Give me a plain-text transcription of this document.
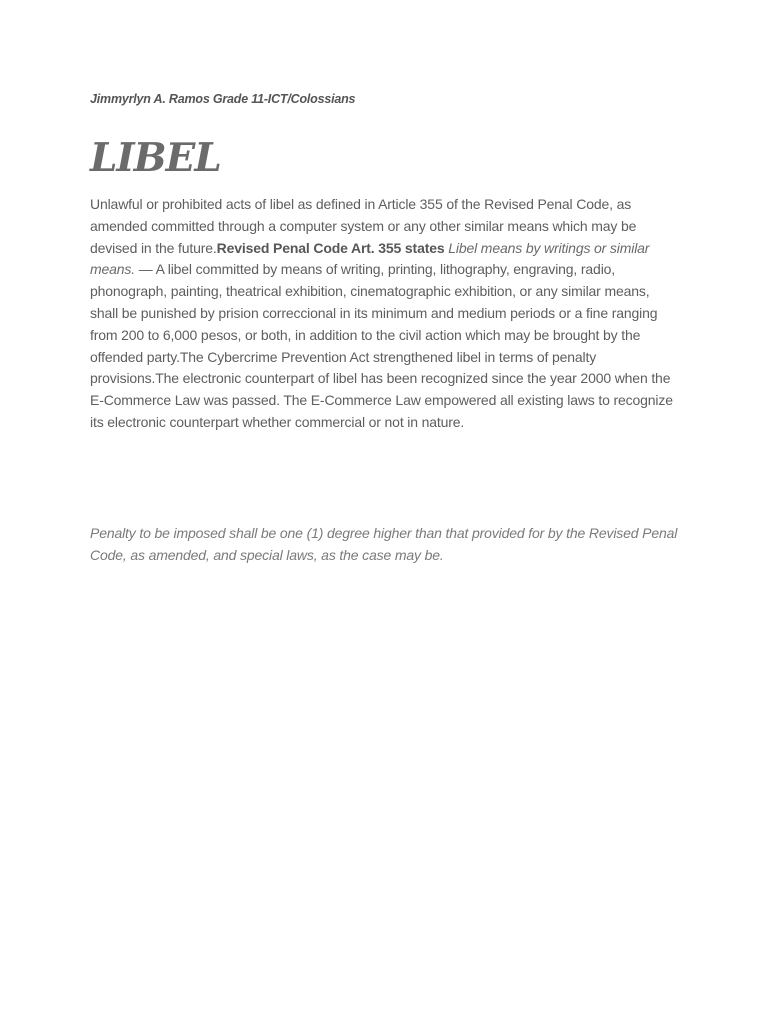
Jimmyrlyn A. Ramos Grade 11-ICT/Colossians

LIBEL

Unlawful or prohibited acts of libel as defined in Article 355 of the Revised Penal Code, as amended committed through a computer system or any other similar means which may be devised in the future.Revised Penal Code Art. 355 states Libel means by writings or similar means. — A libel committed by means of writing, printing, lithography, engraving, radio, phonograph, painting, theatrical exhibition, cinematographic exhibition, or any similar means, shall be punished by prision correccional in its minimum and medium periods or a fine ranging from 200 to 6,000 pesos, or both, in addition to the civil action which may be brought by the offended party.The Cybercrime Prevention Act strengthened libel in terms of penalty provisions.The electronic counterpart of libel has been recognized since the year 2000 when the E-Commerce Law was passed. The E-Commerce Law empowered all existing laws to recognize its electronic counterpart whether commercial or not in nature.

Penalty to be imposed shall be one (1) degree higher than that provided for by the Revised Penal Code, as amended, and special laws, as the case may be.
